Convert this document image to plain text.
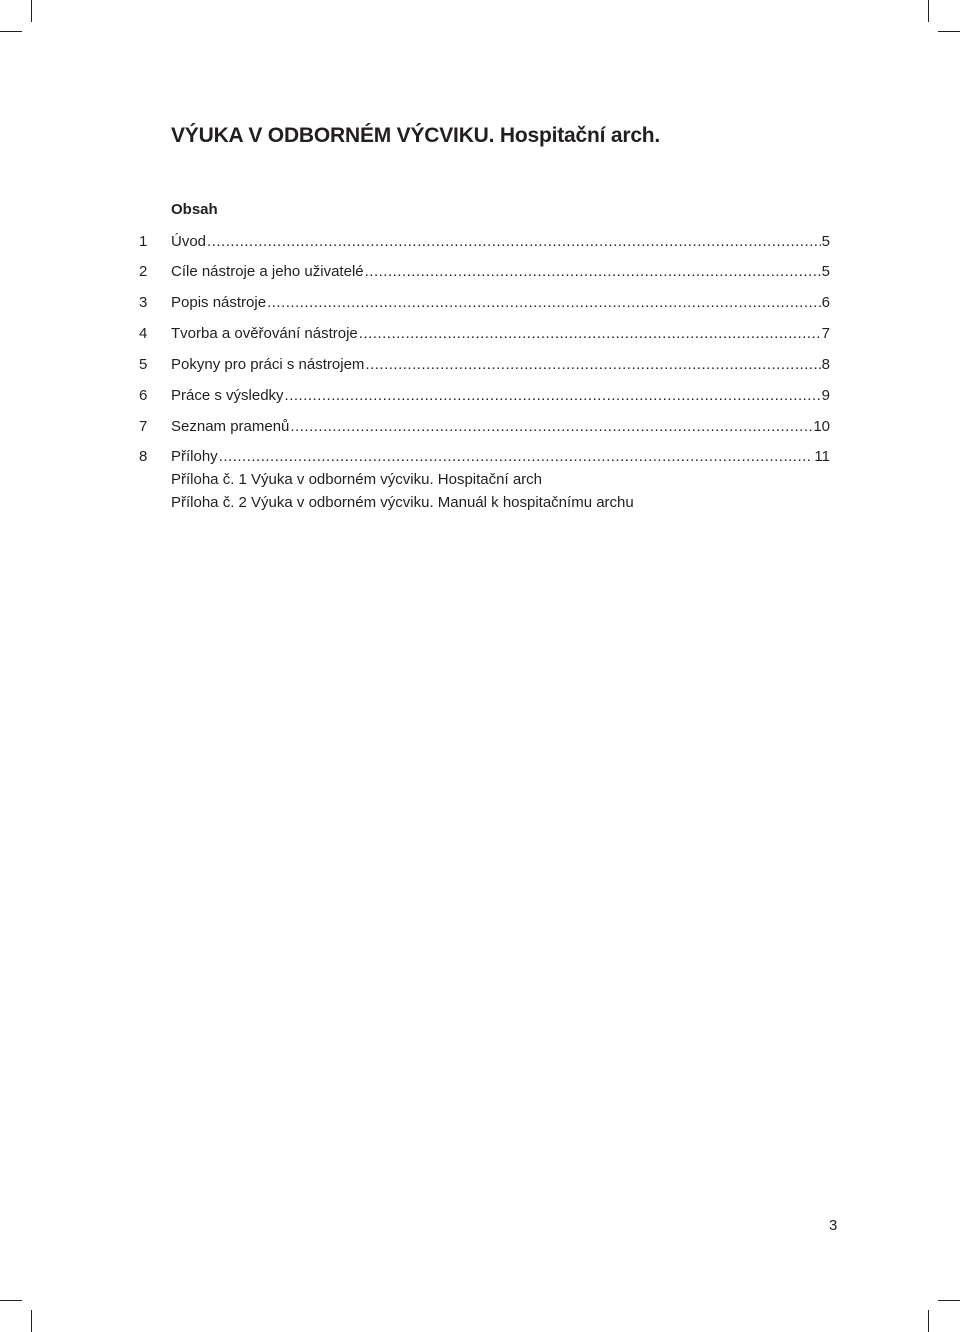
VÝUKA V ODBORNÉM VÝCVIKU. Hospitační arch.
Obsah
1 Úvod .....	5
2 Cíle nástroje a jeho uživatelé .....	5
3 Popis nástroje .....	6
4 Tvorba a ověřování nástroje .....	7
5 Pokyny pro práci s nástrojem .....	8
6 Práce s výsledky .....	9
7 Seznam pramenů .....	10
8 Přílohy .....	11
Příloha č. 1 Výuka v odborném výcviku. Hospitační arch
Příloha č. 2 Výuka v odborném výcviku. Manuál k hospitačnímu archu
3
